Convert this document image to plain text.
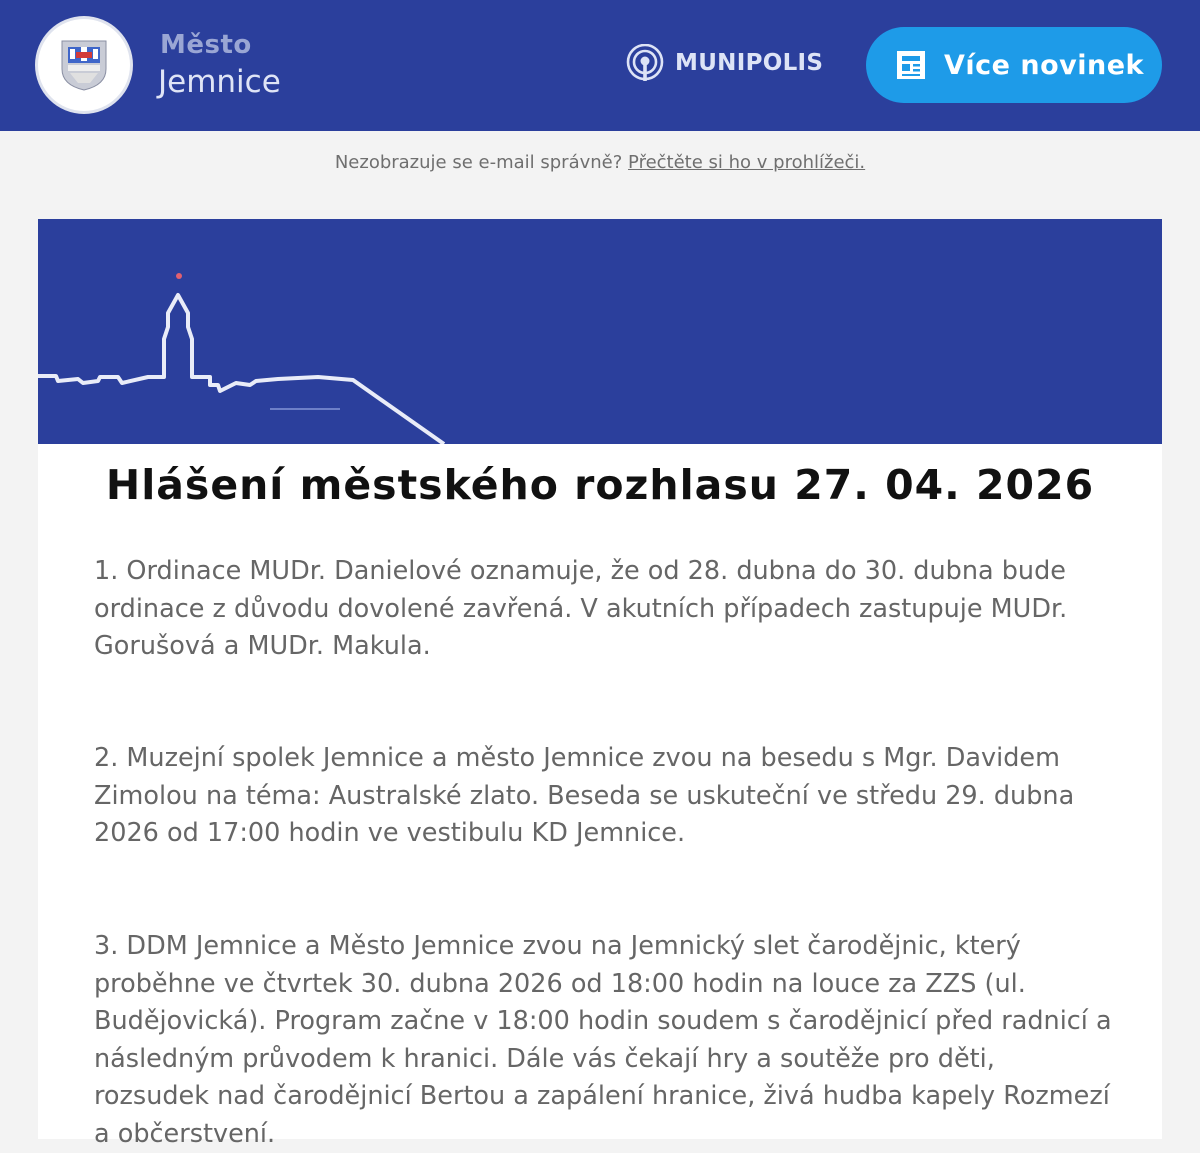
Město
Jemnice
MUNIPOLIS	Více novinek
Nezobrazuje se e-mail správně? Přečtěte si ho v prohlížeči.
Hlášení městského rozhlasu 27. 04. 2026

1. Ordinace MUDr. Danielové oznamuje, že od 28. dubna do 30. dubna bude ordinace z důvodu dovolené zavřená. V akutních případech zastupuje MUDr. Gorušová a MUDr. Makula.

2. Muzejní spolek Jemnice a město Jemnice zvou na besedu s Mgr. Davidem Zimolou na téma: Australské zlato. Beseda se uskuteční ve středu 29. dubna 2026 od 17:00 hodin ve vestibulu KD Jemnice.

3. DDM Jemnice a Město Jemnice zvou na Jemnický slet čarodějnic, který proběhne ve čtvrtek 30. dubna 2026 od 18:00 hodin na louce za ZZS (ul. Budějovická). Program začne v 18:00 hodin soudem s čarodějnicí před radnicí a následným průvodem k hranici. Dále vás čekají hry a soutěže pro děti, rozsudek nad čarodějnicí Bertou a zapálení hranice, živá hudba kapely Rozmezí a občerstvení.
